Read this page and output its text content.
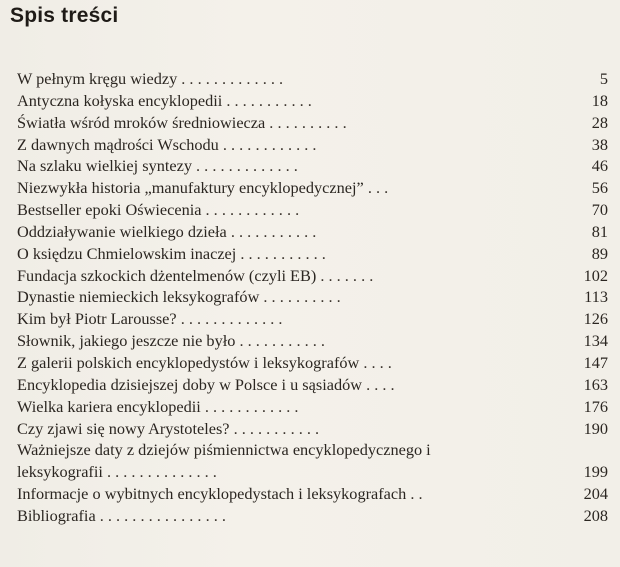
Spis treści
W pełnym kręgu wiedzy . . . . . . . . . . . . .	5
Antyczna kołyska encyklopedii . . . . . . . . . . .	18
Światła wśród mroków średniowiecza . . . . . . . . . .	28
Z dawnych mądrości Wschodu . . . . . . . . . . . .	38
Na szlaku wielkiej syntezy . . . . . . . . . . . . .	46
Niezwykła historia „manufaktury encyklopedycznej” . . .	56
Bestseller epoki Oświecenia . . . . . . . . . . . .	70
Oddziaływanie wielkiego dzieła . . . . . . . . . . .	81
O księdzu Chmielowskim inaczej . . . . . . . . . . .	89
Fundacja szkockich dżentelmenów (czyli EB) . . . . . . .	102
Dynastie niemieckich leksykografów . . . . . . . . . .	113
Kim był Piotr Larousse? . . . . . . . . . . . . .	126
Słownik, jakiego jeszcze nie było . . . . . . . . . . .	134
Z galerii polskich encyklopedystów i leksykografów . . . .	147
Encyklopedia dzisiejszej doby w Polsce i u sąsiadów . . . .	163
Wielka kariera encyklopedii . . . . . . . . . . . .	176
Czy zjawi się nowy Arystoteles? . . . . . . . . . . .	190
Ważniejsze daty z dziejów piśmiennictwa encyklopedycznego i
leksykografii . . . . . . . . . . . . . .	199
Informacje o wybitnych encyklopedystach i leksykografach . .	204
Bibliografia . . . . . . . . . . . . . . . .	208
